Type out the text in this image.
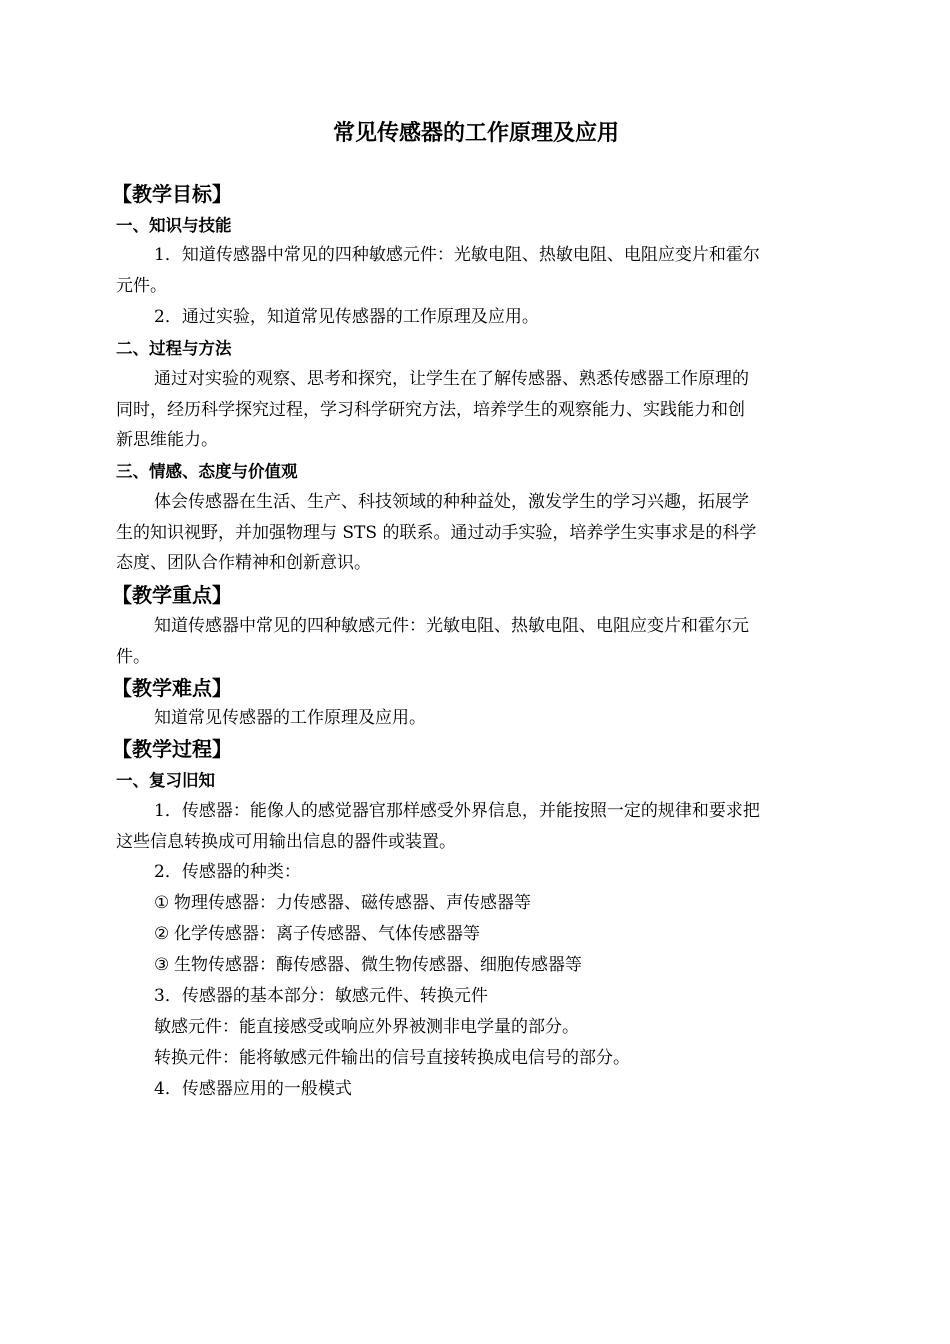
常见传感器的工作原理及应用
【教学目标】
一、知识与技能
1．知道传感器中常见的四种敏感元件：光敏电阻、热敏电阻、电阻应变片和霍尔
元件。
2．通过实验，知道常见传感器的工作原理及应用。
二、过程与方法
通过对实验的观察、思考和探究，让学生在了解传感器、熟悉传感器工作原理的
同时，经历科学探究过程，学习科学研究方法，培养学生的观察能力、实践能力和创
新思维能力。
三、情感、态度与价值观
体会传感器在生活、生产、科技领域的种种益处，激发学生的学习兴趣，拓展学
生的知识视野，并加强物理与 STS 的联系。通过动手实验，培养学生实事求是的科学
态度、团队合作精神和创新意识。
【教学重点】
知道传感器中常见的四种敏感元件：光敏电阻、热敏电阻、电阻应变片和霍尔元
件。
【教学难点】
知道常见传感器的工作原理及应用。
【教学过程】
一、复习旧知
1．传感器：能像人的感觉器官那样感受外界信息，并能按照一定的规律和要求把
这些信息转换成可用输出信息的器件或装置。
2．传感器的种类：
① 物理传感器：力传感器、磁传感器、声传感器等
② 化学传感器：离子传感器、气体传感器等
③ 生物传感器：酶传感器、微生物传感器、细胞传感器等
3．传感器的基本部分：敏感元件、转换元件
敏感元件：能直接感受或响应外界被测非电学量的部分。
转换元件：能将敏感元件输出的信号直接转换成电信号的部分。
4．传感器应用的一般模式
